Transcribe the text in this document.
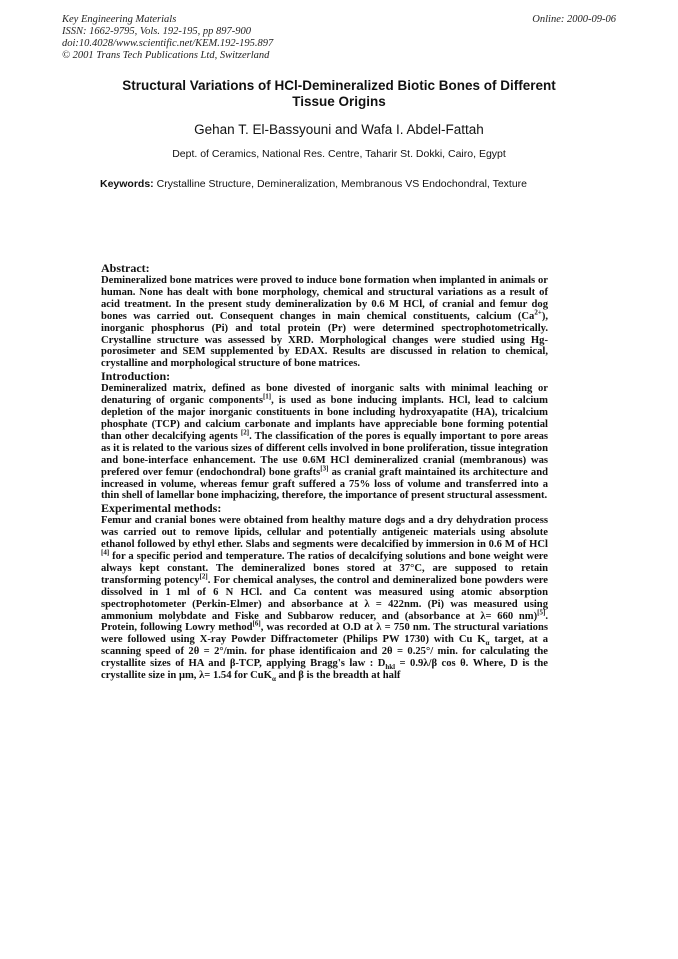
Key Engineering Materials
ISSN: 1662-9795, Vols. 192-195, pp 897-900
doi:10.4028/www.scientific.net/KEM.192-195.897
© 2001 Trans Tech Publications Ltd, Switzerland
Online: 2000-09-06
Structural Variations of HCl-Demineralized Biotic Bones of Different Tissue Origins
Gehan T. El-Bassyouni and Wafa I. Abdel-Fattah
Dept. of Ceramics, National Res. Centre, Taharir St. Dokki, Cairo, Egypt
Keywords: Crystalline Structure, Demineralization, Membranous VS Endochondral, Texture
Abstract:

Demineralized bone matrices were proved to induce bone formation when implanted in animals or human. None has dealt with bone morphology, chemical and structural variations as a result of acid treatment. In the present study demineralization by 0.6 M HCl, of cranial and femur dog bones was carried out. Consequent changes in main chemical constituents, calcium $(Ca^{2+})$, inorganic phosphorus (Pi) and total protein (Pr) were determined spectrophotometrically. Crystalline structure was assessed by XRD. Morphological changes were studied using Hg-porosimeter and SEM supplemented by EDAX. Results are discussed in relation to chemical, crystalline and morphological structure of bone matrices.

Introduction:

Demineralized matrix, defined as bone divested of inorganic salts with minimal leaching or denaturing of organic components[1], is used as bone inducing implants. HCl, lead to calcium depletion of the major inorganic constituents in bone including hydroxyapatite (HA), tricalcium phosphate (TCP) and calcium carbonate and implants have appreciable bone forming potential than other decalcifying agents [2]. The classification of the pores is equally important to pore areas as it is related to the various sizes of different cells involved in bone proliferation, tissue integration and bone-interface enhancement. The use 0.6M HCl demineralized cranial (membranous) was prefered over femur (endochondral) bone grafts[3] as cranial graft maintained its architecture and increased in volume, whereas femur graft suffered a 75% loss of volume and transferred into a thin shell of lamellar bone imphacizing, therefore, the importance of present structural assessment.

Experimental methods:

Femur and cranial bones were obtained from healthy mature dogs and a dry dehydration process was carried out to remove lipids, cellular and potentially antigeneic materials using absolute ethanol followed by ethyl ether. Slabs and segments were decalcified by immersion in 0.6 M of HCl [4] for a specific period and temperature. The ratios of decalcifying solutions and bone weight were always kept constant. The demineralized bones stored at 37°C, are supposed to retain transforming potency[2]. For chemical analyses, the control and demineralized bone powders were dissolved in 1 ml of 6 N HCl. and Ca content was measured using atomic absorption spectrophotometer (Perkin-Elmer) and absorbance at λ = 422nm. (Pi) was measured using ammonium molybdate and Fiske and Subbarow reducer, and (absorbance at λ= 660 nm)[5]. Protein, following Lowry method[6], was recorded at O.D at λ = 750 nm. The structural variations were followed using X-ray Powder Diffractometer (Philips PW 1730) with Cu $K_\alpha$ target, at a scanning speed of 2θ = 2°/min. for phase identificaion and 2θ = 0.25°/ min. for calculating the crystallite sizes of HA and β-TCP, applying Bragg's law : $D_{hkl} = 0.9\lambda/\beta$ cos θ. Where, D is the crystallite size in μm, λ= 1.54 for CuK$_\alpha$ and β is the breadth at half
